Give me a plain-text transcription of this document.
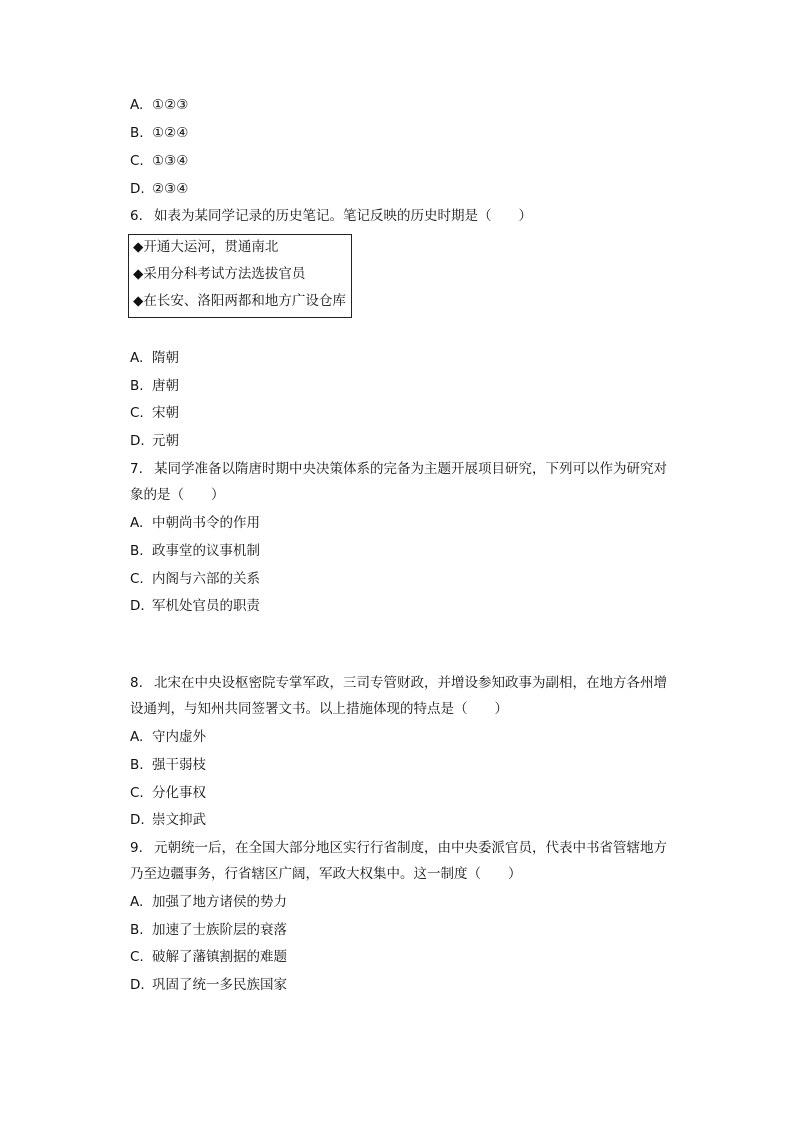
A. ①②③
B. ①②④
C. ①③④
D. ②③④
6. 如表为某同学记录的历史笔记。笔记反映的历史时期是（　　）
◆开通大运河，贯通南北
◆采用分科考试方法选拔官员
◆在长安、洛阳两都和地方广设仓库
A. 隋朝
B. 唐朝
C. 宋朝
D. 元朝
7. 某同学准备以隋唐时期中央决策体系的完备为主题开展项目研究，下列可以作为研究对
象的是（　　）
A. 中朝尚书令的作用
B. 政事堂的议事机制
C. 内阁与六部的关系
D. 军机处官员的职责
8. 北宋在中央设枢密院专掌军政，三司专管财政，并增设参知政事为副相，在地方各州增
设通判，与知州共同签署文书。以上措施体现的特点是（　　）
A. 守内虚外
B. 强干弱枝
C. 分化事权
D. 崇文抑武
9. 元朝统一后，在全国大部分地区实行行省制度，由中央委派官员，代表中书省管辖地方
乃至边疆事务，行省辖区广阔，军政大权集中。这一制度（　　）
A. 加强了地方诸侯的势力
B. 加速了士族阶层的衰落
C. 破解了藩镇割据的难题
D. 巩固了统一多民族国家
